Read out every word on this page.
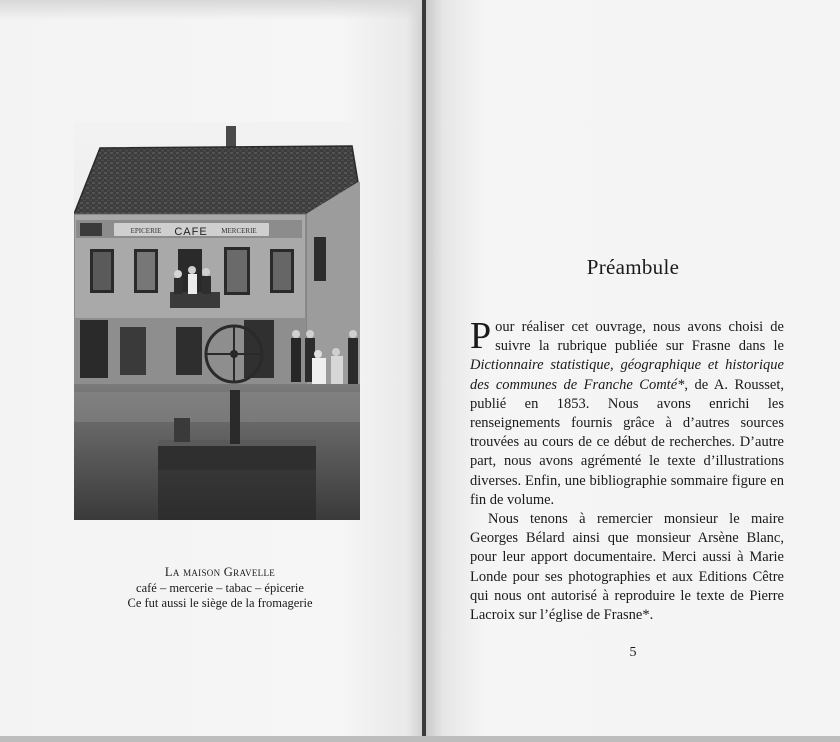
EPICERIE CAFE MERCERIE
La maison Gravelle
café – mercerie – tabac – épicerie
Ce fut aussi le siège de la fromagerie
Préambule
5

Pour réaliser cet ouvrage, nous avons choisi de suivre la rubrique publiée sur Frasne dans le Dictionnaire statistique, géographique et historique des communes de Franche Comté*, de A. Rousset, publié en 1853. Nous avons enrichi les renseignements fournis grâce à d’autres sources trouvées au cours de ce début de recherches. D’autre part, nous avons agrémenté le texte d’illustrations diverses. Enfin, une bibliographie sommaire figure en fin de volume.

Nous tenons à remercier monsieur le maire Georges Bélard ainsi que monsieur Arsène Blanc, pour leur apport documentaire. Merci aussi à Marie Londe pour ses photographies et aux Editions Cêtre qui nous ont autorisé à reproduire le texte de Pierre Lacroix sur l’église de Frasne*.
